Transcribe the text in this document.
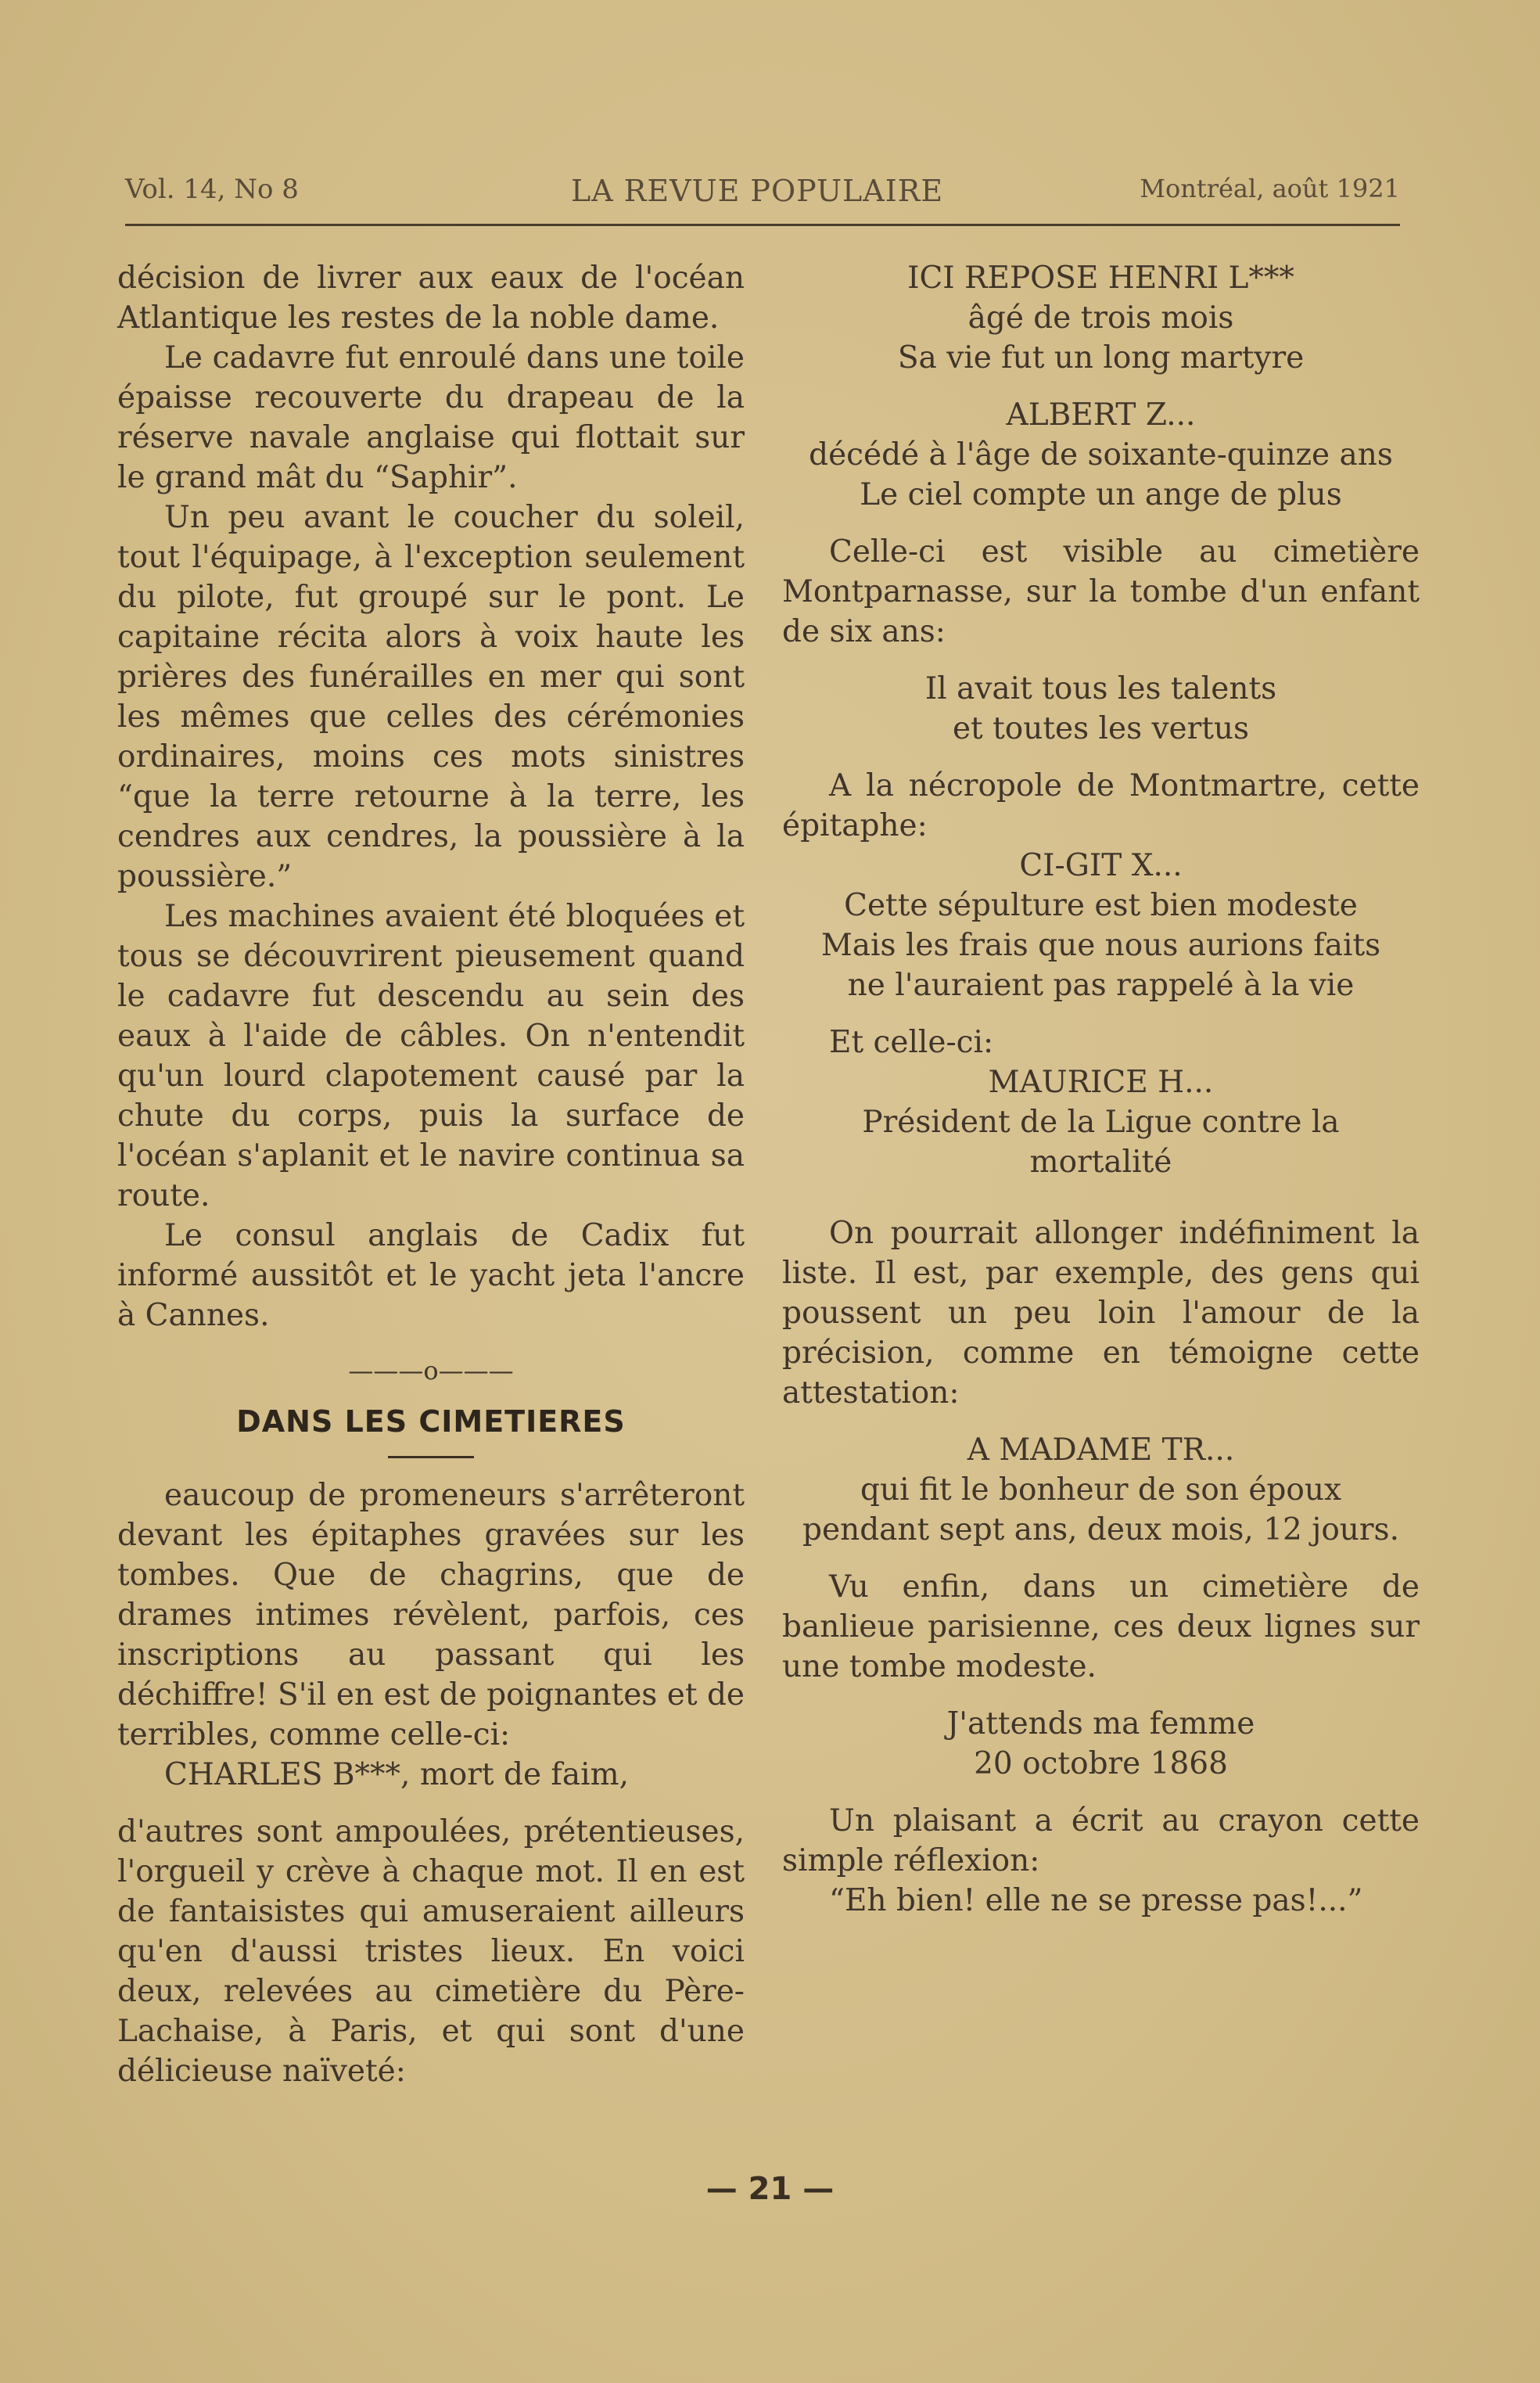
Vol. 14, No 8	LA REVUE POPULAIRE	Montréal, août 1921

décision de livrer aux eaux de l'océan Atlantique les restes de la noble dame.

Le cadavre fut enroulé dans une toile épaisse recouverte du drapeau de la réserve navale anglaise qui flottait sur le grand mât du “Saphir”.

Un peu avant le coucher du soleil, tout l'équipage, à l'exception seulement du pilote, fut groupé sur le pont. Le capitaine récita alors à voix haute les prières des funérailles en mer qui sont les mêmes que celles des cérémonies ordinaires, moins ces mots sinistres “que la terre retourne à la terre, les cendres aux cendres, la poussière à la poussière.”

Les machines avaient été bloquées et tous se découvrirent pieusement quand le cadavre fut descendu au sein des eaux à l'aide de câbles. On n'entendit qu'un lourd clapotement causé par la chute du corps, puis la surface de l'océan s'aplanit et le navire continua sa route.

Le consul anglais de Cadix fut informé aussitôt et le yacht jeta l'ancre à Cannes.

———o———
DANS LES CIMETIERES

eaucoup de promeneurs s'arrêteront devant les épitaphes gravées sur les tombes. Que de chagrins, que de drames intimes révèlent, parfois, ces inscriptions au passant qui les déchiffre! S'il en est de poignantes et de terribles, comme celle-ci:

CHARLES B***, mort de faim,

d'autres sont ampoulées, prétentieuses, l'orgueil y crève à chaque mot. Il en est de fantaisistes qui amuseraient ailleurs qu'en d'aussi tristes lieux. En voici deux, relevées au cimetière du Père-Lachaise, à Paris, et qui sont d'une délicieuse naïveté:

ICI REPOSE HENRI L***
âgé de trois mois
Sa vie fut un long martyre
ALBERT Z...
décédé à l'âge de soixante-quinze ans
Le ciel compte un ange de plus

Celle-ci est visible au cimetière Montparnasse, sur la tombe d'un enfant de six ans:

Il avait tous les talents
et toutes les vertus

A la nécropole de Montmartre, cette épitaphe:

CI-GIT X...
Cette sépulture est bien modeste
Mais les frais que nous aurions faits
ne l'auraient pas rappelé à la vie

Et celle-ci:

MAURICE H...
Président de la Ligue contre la
mortalité

On pourrait allonger indéfiniment la liste. Il est, par exemple, des gens qui poussent un peu loin l'amour de la précision, comme en témoigne cette attestation:

A MADAME TR...
qui fit le bonheur de son époux
pendant sept ans, deux mois, 12 jours.

Vu enfin, dans un cimetière de banlieue parisienne, ces deux lignes sur une tombe modeste.

J'attends ma femme
20 octobre 1868

Un plaisant a écrit au crayon cette simple réflexion:

“Eh bien! elle ne se presse pas!...”

— 21 —
